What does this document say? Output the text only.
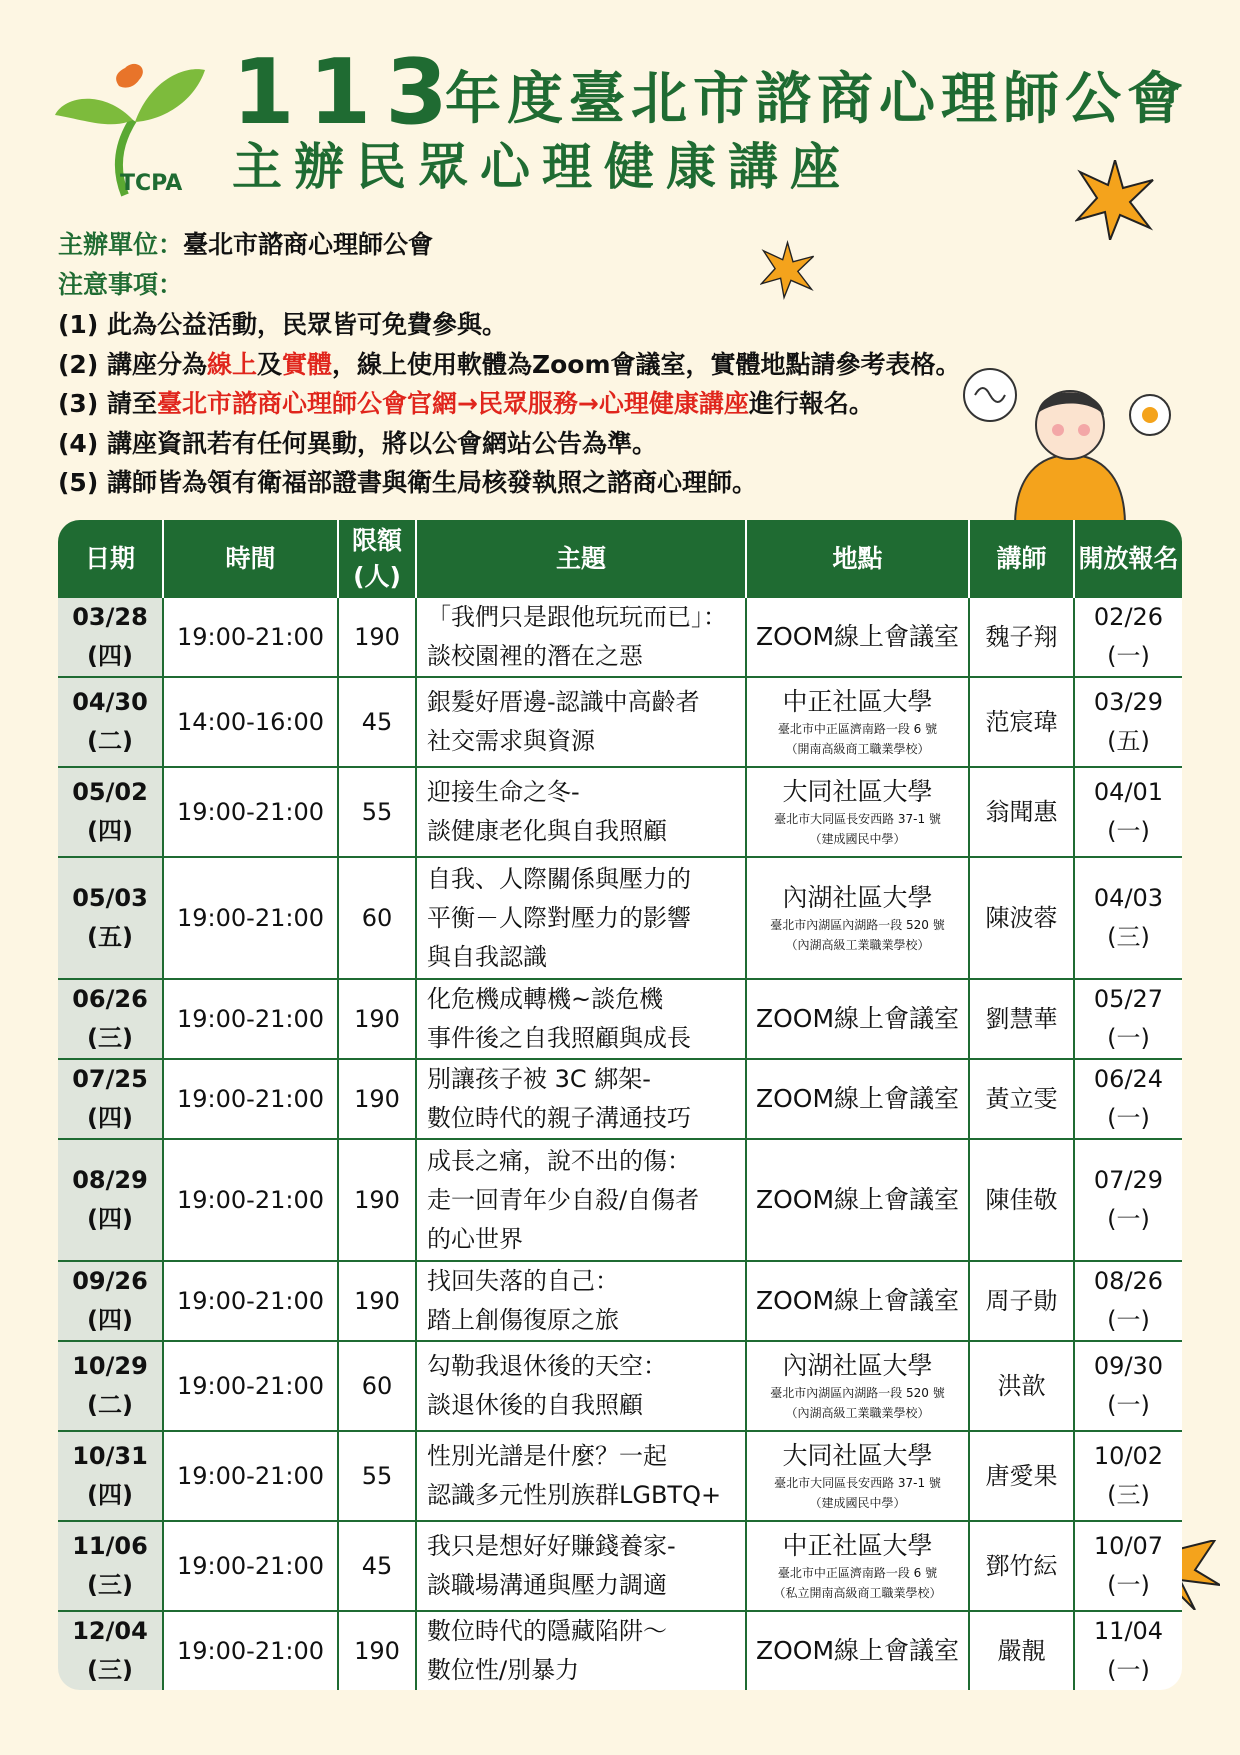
TCPA
113
年度臺北市諮商心理師公會
主辦民眾心理健康講座
主辦單位：臺北市諮商心理師公會
注意事項：
(1) 此為公益活動，民眾皆可免費參與。
(2) 講座分為線上及實體，線上使用軟體為Zoom會議室，實體地點請參考表格。
(3) 請至臺北市諮商心理師公會官網→民眾服務→心理健康講座進行報名。
(4) 講座資訊若有任何異動，將以公會網站公告為準。
(5) 講師皆為領有衛福部證書與衛生局核發執照之諮商心理師。
日期	時間	限額(人)	主題	地點	講師	開放報名

03/28
(四)	19:00-21:00	190	「我們只是跟他玩玩而已」：
談校園裡的潛在之惡	ZOOM線上會議室	魏子翔	02/26
(一)

04/30
(二)	14:00-16:00	45	銀髮好厝邊-認識中高齡者
社交需求與資源	中正社區大學
臺北市中正區濟南路一段 6 號
（開南高級商工職業學校）	范宸瑋	03/29
(五)

05/02
(四)	19:00-21:00	55	迎接生命之冬-
談健康老化與自我照顧	大同社區大學
臺北市大同區長安西路 37-1 號
（建成國民中學）	翁聞惠	04/01
(一)

05/03
(五)	19:00-21:00	60	自我、人際關係與壓力的
平衡－人際對壓力的影響
與自我認識	內湖社區大學
臺北市內湖區內湖路一段 520 號
（內湖高級工業職業學校）	陳波蓉	04/03
(三)

06/26
(三)	19:00-21:00	190	化危機成轉機~談危機
事件後之自我照顧與成長	ZOOM線上會議室	劉慧華	05/27
(一)

07/25
(四)	19:00-21:00	190	別讓孩子被 3C 綁架-
數位時代的親子溝通技巧	ZOOM線上會議室	黃立雯	06/24
(一)

08/29
(四)	19:00-21:00	190	成長之痛，說不出的傷：
走一回青年少自殺/自傷者
的心世界	ZOOM線上會議室	陳佳敬	07/29
(一)

09/26
(四)	19:00-21:00	190	找回失落的自己：
踏上創傷復原之旅	ZOOM線上會議室	周子勛	08/26
(一)

10/29
(二)	19:00-21:00	60	勾勒我退休後的天空：
談退休後的自我照顧	內湖社區大學
臺北市內湖區內湖路一段 520 號
（內湖高級工業職業學校）	洪歆	09/30
(一)

10/31
(四)	19:00-21:00	55	性別光譜是什麼？一起
認識多元性別族群LGBTQ+	大同社區大學
臺北市大同區長安西路 37-1 號
（建成國民中學）	唐愛果	10/02
(三)

11/06
(三)	19:00-21:00	45	我只是想好好賺錢養家-
談職場溝通與壓力調適	中正社區大學
臺北市中正區濟南路一段 6 號
（私立開南高級商工職業學校）	鄧竹紜	10/07
(一)

12/04
(三)	19:00-21:00	190	數位時代的隱藏陷阱～
數位性/別暴力	ZOOM線上會議室	嚴靚	11/04
(一)
